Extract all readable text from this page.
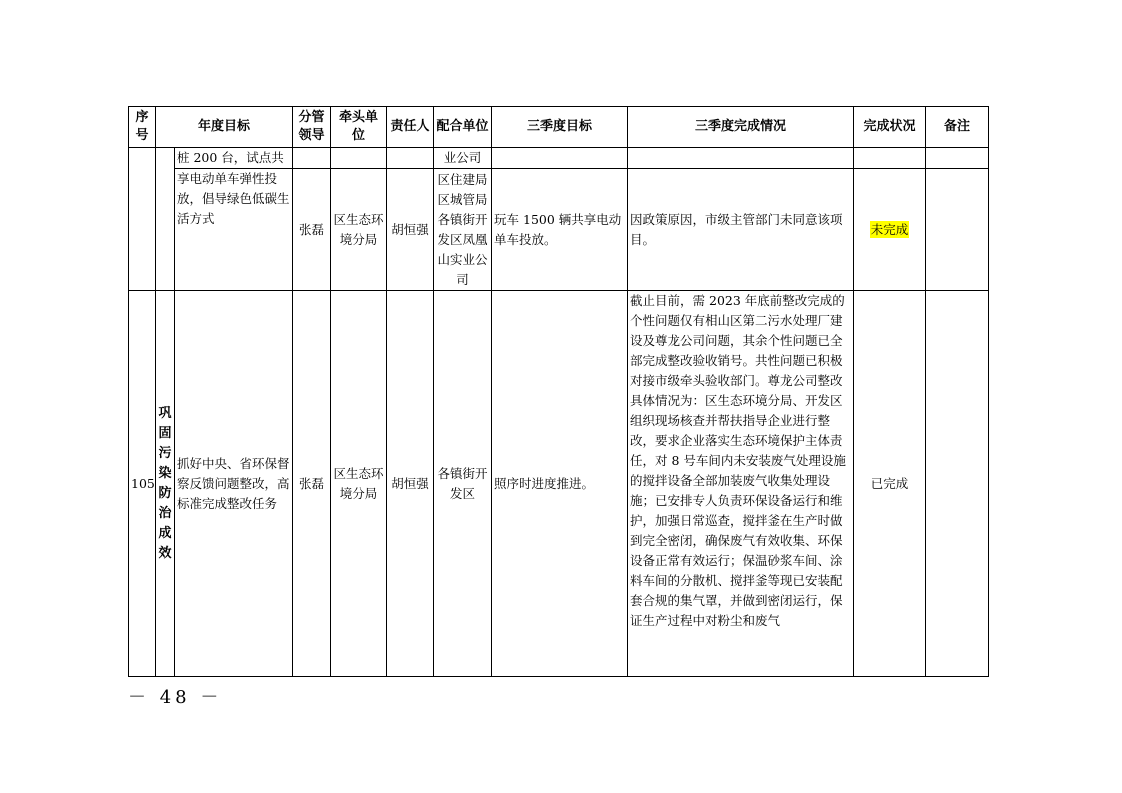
序号	年度目标		分管领导	牵头单位	责任人	配合单位	三季度目标	三季度完成情况	完成状况	备注
		桩 200 台，试点共				业公司				
		享电动单车弹性投放，倡导绿色低碳生活方式	张磊	区生态环境分局	胡恒强	区住建局区城管局各镇街开发区凤凰山实业公司	玩车 1500 辆共享电动单车投放。	因政策原因，市级主管部门未同意该项目。	未完成	
105	巩固污染防治成效	抓好中央、省环保督察反馈问题整改，高标准完成整改任务	张磊	区生态环境分局	胡恒强	各镇街开发区	照序时进度推进。	截止目前，需 2023 年底前整改完成的个性问题仅有相山区第二污水处理厂建设及尊龙公司问题，其余个性问题已全部完成整改验收销号。共性问题已积极对接市级牵头验收部门。尊龙公司整改具体情况为：区生态环境分局、开发区组织现场核查并帮扶指导企业进行整改，要求企业落实生态环境保护主体责任，对 8 号车间内未安装废气处理设施的搅拌设备全部加装废气收集处理设施；已安排专人负责环保设备运行和维护，加强日常巡查，搅拌釜在生产时做到完全密闭，确保废气有效收集、环保设备正常有效运行；保温砂浆车间、涂料车间的分散机、搅拌釜等现已安装配套合规的集气罩，并做到密闭运行，保证生产过程中对粉尘和废气	已完成	
－ 48 －
